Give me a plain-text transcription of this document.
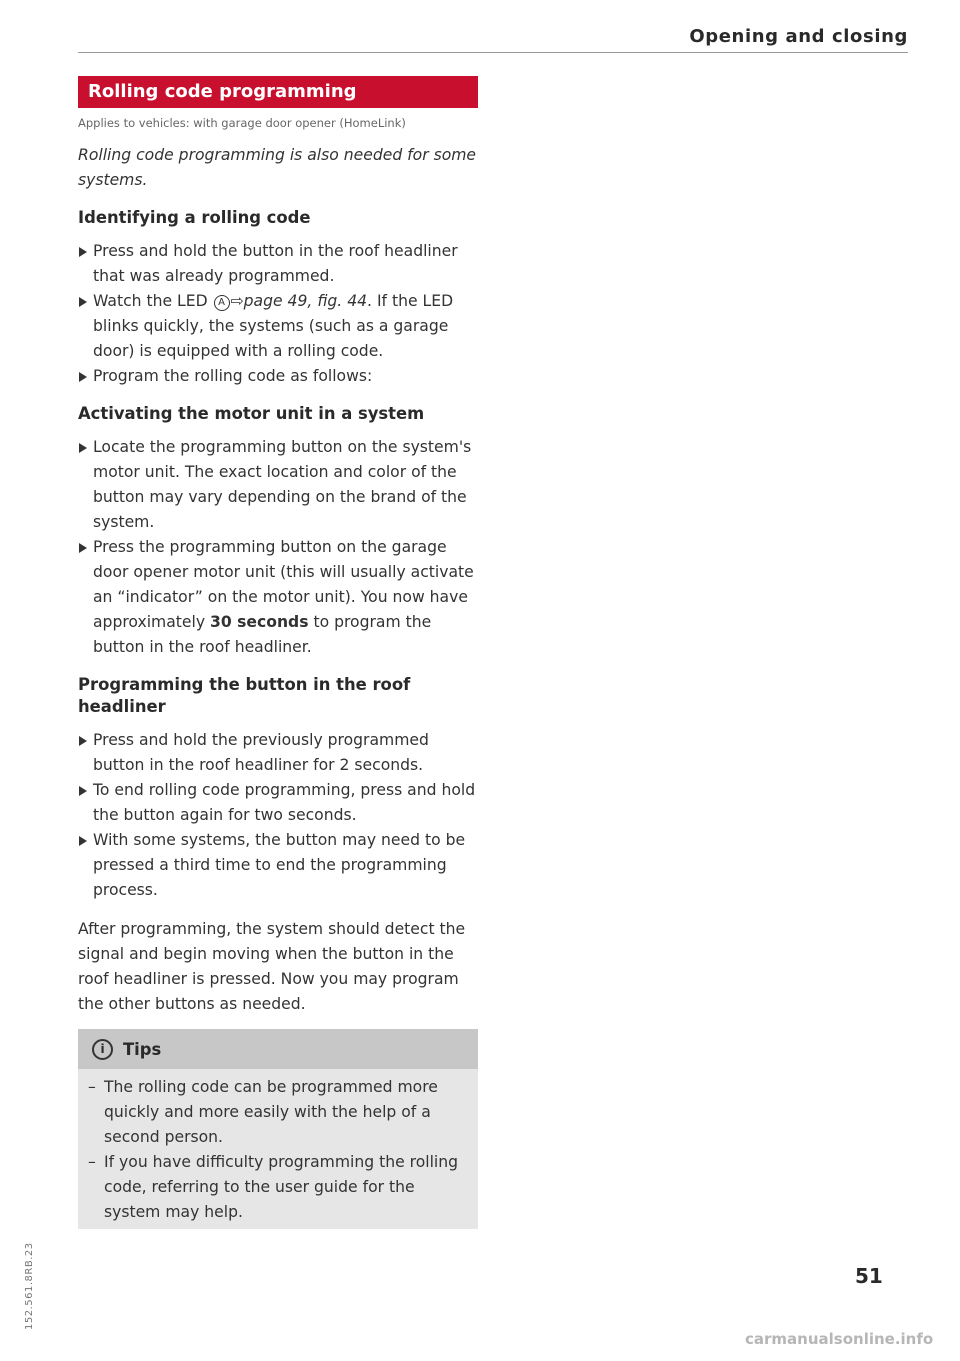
Opening and closing
Rolling code programming
Applies to vehicles: with garage door opener (HomeLink)

Rolling code programming is also needed for some systems.

Identifying a rolling code
Press and hold the button in the roof headliner that was already programmed.
Watch the LED A ⇨page 49, fig. 44. If the LED blinks quickly, the systems (such as a garage door) is equipped with a rolling code.
Program the rolling code as follows:
Activating the motor unit in a system
Locate the programming button on the system's motor unit. The exact location and color of the button may vary depending on the brand of the system.
Press the programming button on the garage door opener motor unit (this will usually activate an “indicator” on the motor unit). You now have approximately 30 seconds to program the button in the roof headliner.
Programming the button in the roof headliner
Press and hold the previously programmed button in the roof headliner for 2 seconds.
To end rolling code programming, press and hold the button again for two seconds.
With some systems, the button may need to be pressed a third time to end the programming process.

After programming, the system should detect the signal and begin moving when the button in the roof headliner is pressed. Now you may program the other buttons as needed.

i	Tips
– The rolling code can be programmed more quickly and more easily with the help of a second person.
– If you have difficulty programming the rolling code, referring to the user guide for the system may help.
152.561.8RB.23	51
carmanualsonline.info
